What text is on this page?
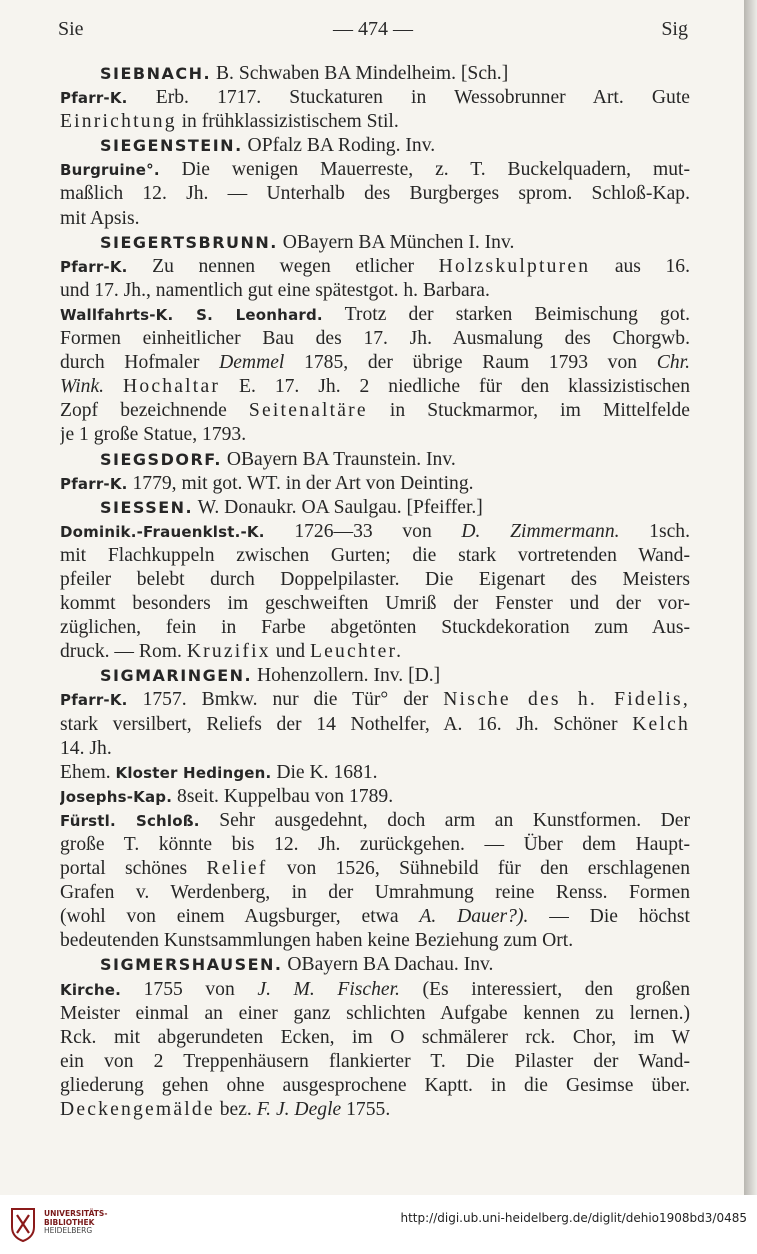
Sie	— 474 —	Sig
SIEBNACH. B. Schwaben BA Mindelheim. [Sch.]
Pfarr-K. Erb. 1717. Stuckaturen in Wessobrunner Art. Gute
Einrichtung in frühklassizistischem Stil.
SIEGENSTEIN. OPfalz BA Roding. Inv.
Burgruine°. Die wenigen Mauerreste, z. T. Buckelquadern, mut-
maßlich 12. Jh. — Unterhalb des Burgberges sprom. Schloß-Kap.
mit Apsis.
SIEGERTSBRUNN. OBayern BA München I. Inv.
Pfarr-K. Zu nennen wegen etlicher Holzskulpturen aus 16.
und 17. Jh., namentlich gut eine spätestgot. h. Barbara.
Wallfahrts-K. S. Leonhard. Trotz der starken Beimischung got.
Formen einheitlicher Bau des 17. Jh. Ausmalung des Chorgwb.
durch Hofmaler Demmel 1785, der übrige Raum 1793 von Chr.
Wink. Hochaltar E. 17. Jh. 2 niedliche für den klassizistischen
Zopf bezeichnende Seitenaltäre in Stuckmarmor, im Mittelfelde
je 1 große Statue, 1793.
SIEGSDORF. OBayern BA Traunstein. Inv.
Pfarr-K. 1779, mit got. WT. in der Art von Deinting.
SIESSEN. W. Donaukr. OA Saulgau. [Pfeiffer.]
Dominik.-Frauenklst.-K. 1726—33 von D. Zimmermann. 1sch.
mit Flachkuppeln zwischen Gurten; die stark vortretenden Wand-
pfeiler belebt durch Doppelpilaster. Die Eigenart des Meisters
kommt besonders im geschweiften Umriß der Fenster und der vor-
züglichen, fein in Farbe abgetönten Stuckdekoration zum Aus-
druck. — Rom. Kruzifix und Leuchter.
SIGMARINGEN. Hohenzollern. Inv. [D.]
Pfarr-K. 1757. Bmkw. nur die Tür° der Nische des h. Fidelis,
stark versilbert, Reliefs der 14 Nothelfer, A. 16. Jh. Schöner Kelch
14. Jh.
Ehem. Kloster Hedingen. Die K. 1681.
Josephs-Kap. 8seit. Kuppelbau von 1789.
Fürstl. Schloß. Sehr ausgedehnt, doch arm an Kunstformen. Der
große T. könnte bis 12. Jh. zurückgehen. — Über dem Haupt-
portal schönes Relief von 1526, Sühnebild für den erschlagenen
Grafen v. Werdenberg, in der Umrahmung reine Renss. Formen
(wohl von einem Augsburger, etwa A. Dauer?). — Die höchst
bedeutenden Kunstsammlungen haben keine Beziehung zum Ort.
SIGMERSHAUSEN. OBayern BA Dachau. Inv.
Kirche. 1755 von J. M. Fischer. (Es interessiert, den großen
Meister einmal an einer ganz schlichten Aufgabe kennen zu lernen.)
Rck. mit abgerundeten Ecken, im O schmälerer rck. Chor, im W
ein von 2 Treppenhäusern flankierter T. Die Pilaster der Wand-
gliederung gehen ohne ausgesprochene Kaptt. in die Gesimse über.
Deckengemälde bez. F. J. Degle 1755.
UNIVERSITÄTS-
BIBLIOTHEK
HEIDELBERG
http://digi.ub.uni-heidelberg.de/diglit/dehio1908bd3/0485
